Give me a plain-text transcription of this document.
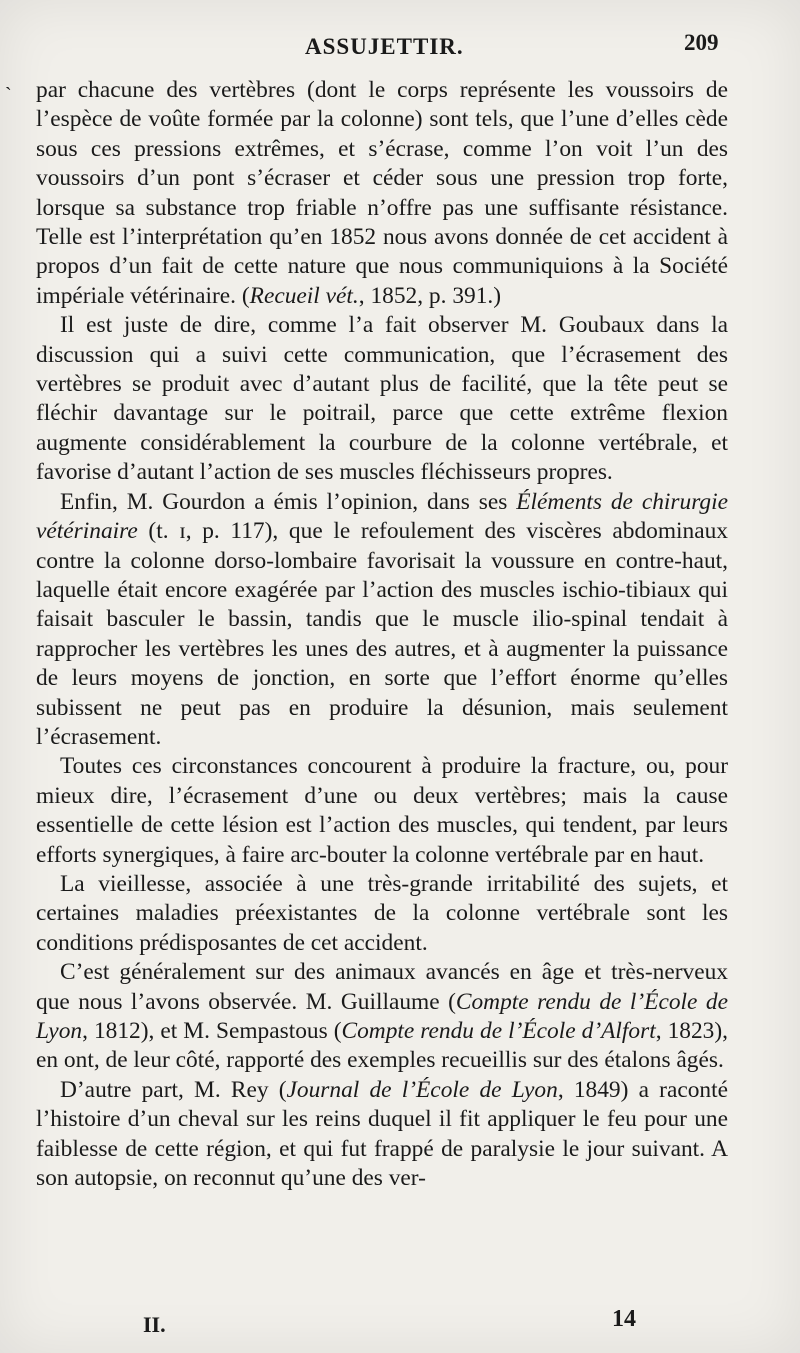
ASSUJETTIR.	209
` par chacune des vertèbres (dont le corps représente les voussoirs de l’espèce de voûte formée par la colonne) sont tels, que l’une d’elles cède sous ces pressions extrêmes, et s’écrase, comme l’on voit l’un des voussoirs d’un pont s’écraser et céder sous une pression trop forte, lorsque sa substance trop friable n’offre pas une suffisante résistance. Telle est l’interprétation qu’en 1852 nous avons donnée de cet accident à propos d’un fait de cette nature que nous communiquions à la Société impériale vétérinaire. (Recueil vét., 1852, p. 391.)

Il est juste de dire, comme l’a fait observer M. Goubaux dans la discussion qui a suivi cette communication, que l’écrasement des vertèbres se produit avec d’autant plus de facilité, que la tête peut se fléchir davantage sur le poitrail, parce que cette extrême flexion augmente considérablement la courbure de la colonne vertébrale, et favorise d’autant l’action de ses muscles fléchisseurs propres.

Enfin, M. Gourdon a émis l’opinion, dans ses Éléments de chirurgie vétérinaire (t. ɪ, p. 117), que le refoulement des viscères abdominaux contre la colonne dorso-lombaire favorisait la voussure en contre-haut, laquelle était encore exagérée par l’action des muscles ischio-tibiaux qui faisait basculer le bassin, tandis que le muscle ilio-spinal tendait à rapprocher les vertèbres les unes des autres, et à augmenter la puissance de leurs moyens de jonction, en sorte que l’effort énorme qu’elles subissent ne peut pas en produire la désunion, mais seulement l’écrasement.

Toutes ces circonstances concourent à produire la fracture, ou, pour mieux dire, l’écrasement d’une ou deux vertèbres; mais la cause essentielle de cette lésion est l’action des muscles, qui tendent, par leurs efforts synergiques, à faire arc-bouter la colonne vertébrale par en haut.

La vieillesse, associée à une très-grande irritabilité des sujets, et certaines maladies préexistantes de la colonne vertébrale sont les conditions prédisposantes de cet accident.

C’est généralement sur des animaux avancés en âge et très-nerveux que nous l’avons observée. M. Guillaume (Compte rendu de l’École de Lyon, 1812), et M. Sempastous (Compte rendu de l’École d’Alfort, 1823), en ont, de leur côté, rapporté des exemples recueillis sur des étalons âgés.

D’autre part, M. Rey (Journal de l’École de Lyon, 1849) a raconté l’histoire d’un cheval sur les reins duquel il fit appliquer le feu pour une faiblesse de cette région, et qui fut frappé de paralysie le jour suivant. A son autopsie, on reconnut qu’une des ver-

II.	14
